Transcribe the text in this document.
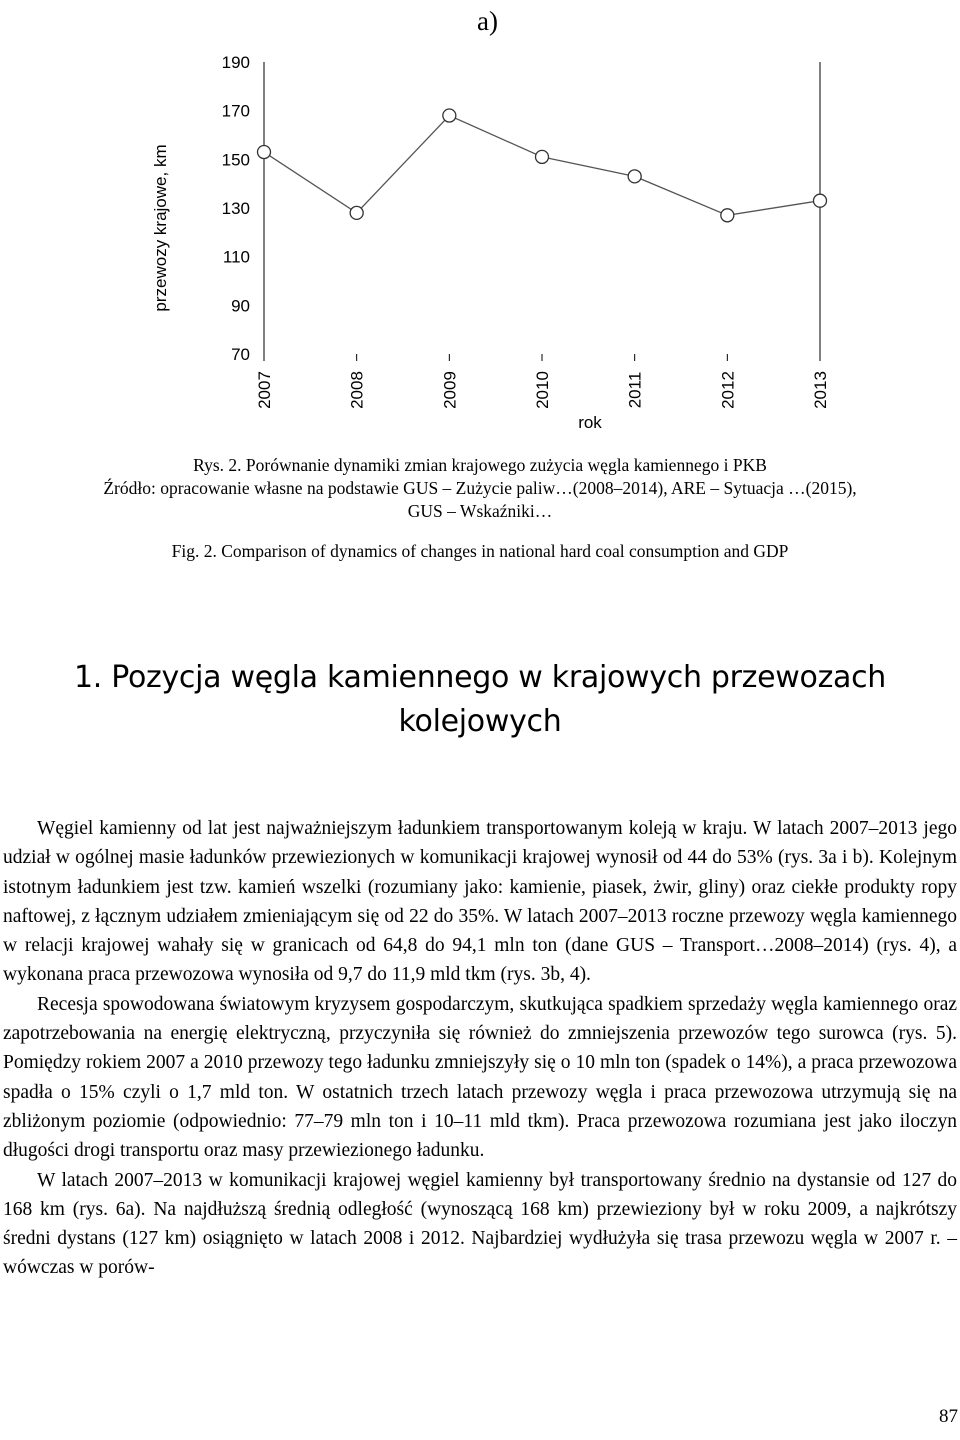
a)
przewozy krajowe, km
190
170
150
130
110
90
70
2007	2008	2009	2010	2011	2012	2013
rok
Rys. 2. Porównanie dynamiki zmian krajowego zużycia węgla kamiennego i PKB
Źródło: opracowanie własne na podstawie GUS – Zużycie paliw…(2008–2014), ARE – Sytuacja …(2015),
GUS – Wskaźniki…
Fig. 2. Comparison of dynamics of changes in national hard coal consumption and GDP
1. Pozycja węgla kamiennego w krajowych przewozach kolejowych

Węgiel kamienny od lat jest najważniejszym ładunkiem transportowanym koleją w kraju. W latach 2007–2013 jego udział w ogólnej masie ładunków przewiezionych w komunikacji krajowej wynosił od 44 do 53% (rys. 3a i b). Kolejnym istotnym ładunkiem jest tzw. kamień wszelki (rozumiany jako: kamienie, piasek, żwir, gliny) oraz ciekłe produkty ropy naftowej, z łącznym udziałem zmieniającym się od 22 do 35%. W latach 2007–2013 roczne przewozy węgla kamiennego w relacji krajowej wahały się w granicach od 64,8 do 94,1 mln ton (dane GUS – Transport…2008–2014) (rys. 4), a wykonana praca przewozowa wynosiła od 9,7 do 11,9 mld tkm (rys. 3b, 4).

Recesja spowodowana światowym kryzysem gospodarczym, skutkująca spadkiem sprzedaży węgla kamiennego oraz zapotrzebowania na energię elektryczną, przyczyniła się również do zmniejszenia przewozów tego surowca (rys. 5). Pomiędzy rokiem 2007 a 2010 przewozy tego ładunku zmniejszyły się o 10 mln ton (spadek o 14%), a praca przewozowa spadła o 15% czyli o 1,7 mld ton. W ostatnich trzech latach przewozy węgla i praca przewozowa utrzymują się na zbliżonym poziomie (odpowiednio: 77–79 mln ton i 10–11 mld tkm). Praca przewozowa rozumiana jest jako iloczyn długości drogi transportu oraz masy przewiezionego ładunku.

W latach 2007–2013 w komunikacji krajowej węgiel kamienny był transportowany średnio na dystansie od 127 do 168 km (rys. 6a). Na najdłuższą średnią odległość (wynoszącą 168 km) przewieziony był w roku 2009, a najkrótszy średni dystans (127 km) osiągnięto w latach 2008 i 2012. Najbardziej wydłużyła się trasa przewozu węgla w 2007 r. – wówczas w porów-

87
